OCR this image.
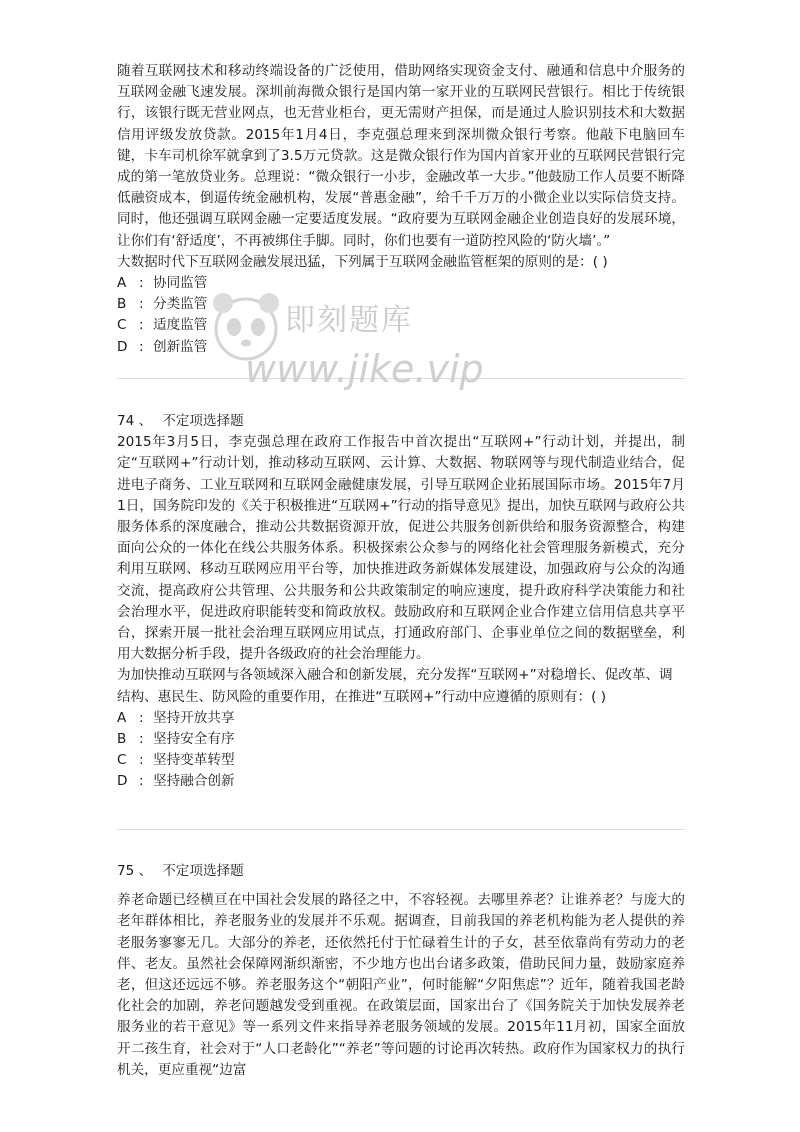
随着互联网技术和移动终端设备的广泛使用，借助网络实现资金支付、融通和信息中介服务的互联网金融飞速发展。深圳前海微众银行是国内第一家开业的互联网民营银行。相比于传统银行，该银行既无营业网点，也无营业柜台，更无需财产担保，而是通过人脸识别技术和大数据信用评级发放贷款。2015年1月4日，李克强总理来到深圳微众银行考察。他敲下电脑回车键，卡车司机徐军就拿到了3.5万元贷款。这是微众银行作为国内首家开业的互联网民营银行完成的第一笔放贷业务。总理说：“微众银行一小步，金融改革一大步。”他鼓励工作人员要不断降低融资成本，倒逼传统金融机构，发展“普惠金融”，给千千万万的小微企业以实际信贷支持。同时，他还强调互联网金融一定要适度发展。“政府要为互联网金融企业创造良好的发展环境，让你们有‘舒适度’，不再被绑住手脚。同时，你们也要有一道防控风险的‘防火墙’。”

大数据时代下互联网金融发展迅猛，下列属于互联网金融监管框架的原则的是：( )

A : 协同监管
B : 分类监管
C : 适度监管
D : 创新监管

74 、 不定项选择题

2015年3月5日，李克强总理在政府工作报告中首次提出“互联网+”行动计划，并提出，制定“互联网+”行动计划，推动移动互联网、云计算、大数据、物联网等与现代制造业结合，促进电子商务、工业互联网和互联网金融健康发展，引导互联网企业拓展国际市场。2015年7月1日，国务院印发的《关于积极推进“互联网+”行动的指导意见》提出，加快互联网与政府公共服务体系的深度融合，推动公共数据资源开放，促进公共服务创新供给和服务资源整合，构建面向公众的一体化在线公共服务体系。积极探索公众参与的网络化社会管理服务新模式，充分利用互联网、移动互联网应用平台等，加快推进政务新媒体发展建设，加强政府与公众的沟通交流，提高政府公共管理、公共服务和公共政策制定的响应速度，提升政府科学决策能力和社会治理水平，促进政府职能转变和简政放权。鼓励政府和互联网企业合作建立信用信息共享平台，探索开展一批社会治理互联网应用试点，打通政府部门、企事业单位之间的数据壁垒，利用大数据分析手段，提升各级政府的社会治理能力。

为加快推动互联网与各领域深入融合和创新发展，充分发挥“互联网+”对稳增长、促改革、调结构、惠民生、防风险的重要作用，在推进“互联网+”行动中应遵循的原则有：( )

A : 坚持开放共享
B : 坚持安全有序
C : 坚持变革转型
D : 坚持融合创新

75 、 不定项选择题

养老命题已经横亘在中国社会发展的路径之中，不容轻视。去哪里养老？让谁养老？与庞大的老年群体相比，养老服务业的发展并不乐观。据调查，目前我国的养老机构能为老人提供的养老服务寥寥无几。大部分的养老，还依然托付于忙碌着生计的子女，甚至依靠尚有劳动力的老伴、老友。虽然社会保障网渐织渐密，不少地方也出台诸多政策，借助民间力量，鼓励家庭养老，但这还远远不够。养老服务这个“朝阳产业”，何时能解“夕阳焦虑”？近年，随着我国老龄化社会的加剧，养老问题越发受到重视。在政策层面，国家出台了《国务院关于加快发展养老服务业的若干意见》等一系列文件来指导养老服务领域的发展。2015年11月初，国家全面放开二孩生育，社会对于“人口老龄化”“养老”等问题的讨论再次转热。政府作为国家权力的执行机关，更应重视“边富

即刻题库
www.jike.vip
